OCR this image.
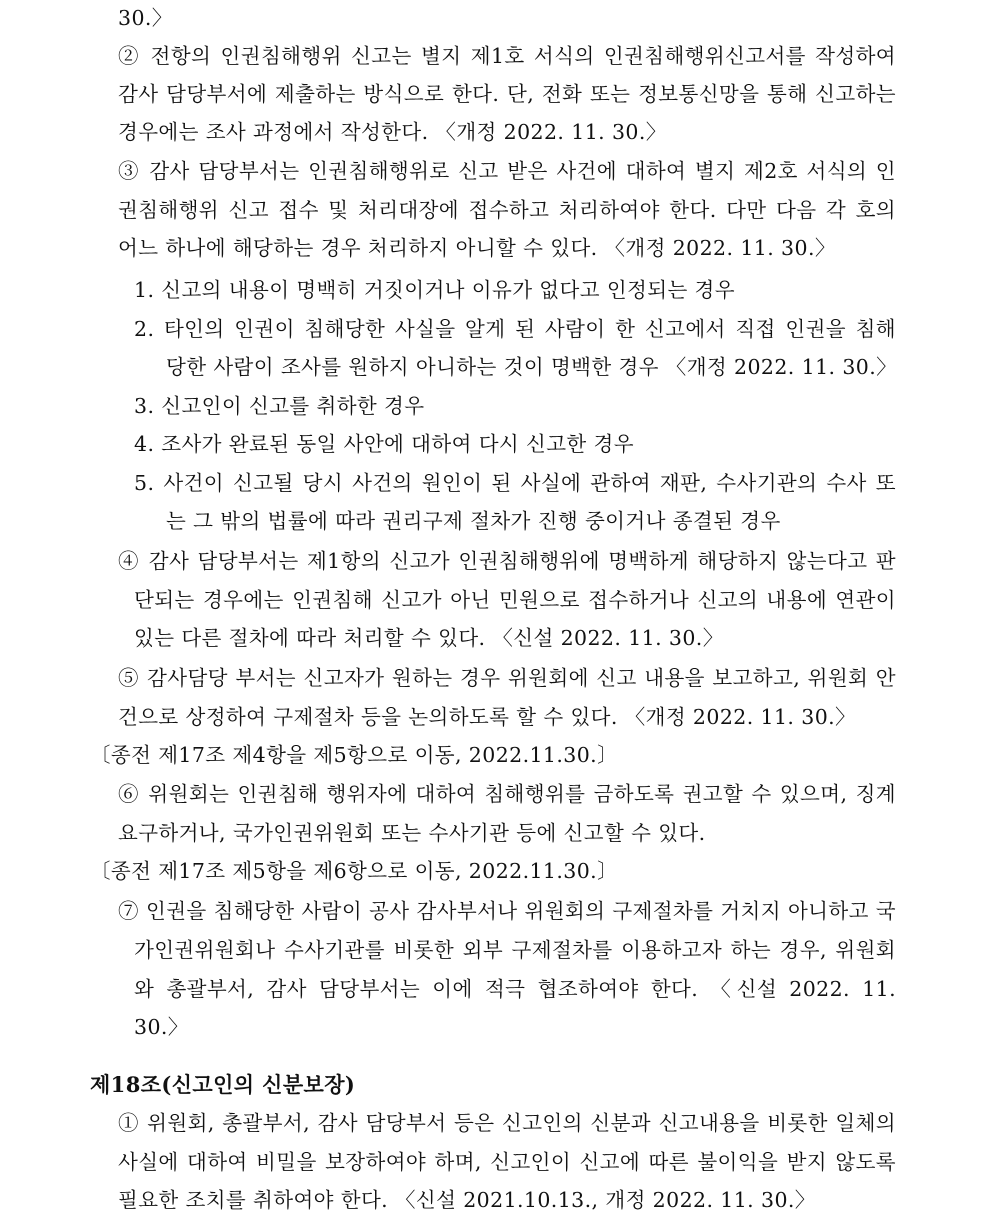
30.〉
② 전항의 인권침해행위 신고는 별지 제1호 서식의 인권침해행위신고서를 작성하여
감사 담당부서에 제출하는 방식으로 한다. 단, 전화 또는 정보통신망을 통해 신고하는
경우에는 조사 과정에서 작성한다. 〈개정 2022. 11. 30.〉
③ 감사 담당부서는 인권침해행위로 신고 받은 사건에 대하여 별지 제2호 서식의 인
권침해행위 신고 접수 및 처리대장에 접수하고 처리하여야 한다. 다만 다음 각 호의
어느 하나에 해당하는 경우 처리하지 아니할 수 있다. 〈개정 2022. 11. 30.〉
1. 신고의 내용이 명백히 거짓이거나 이유가 없다고 인정되는 경우
2. 타인의 인권이 침해당한 사실을 알게 된 사람이 한 신고에서 직접 인권을 침해
당한 사람이 조사를 원하지 아니하는 것이 명백한 경우 〈개정 2022. 11. 30.〉
3. 신고인이 신고를 취하한 경우
4. 조사가 완료된 동일 사안에 대하여 다시 신고한 경우
5. 사건이 신고될 당시 사건의 원인이 된 사실에 관하여 재판, 수사기관의 수사 또
는 그 밖의 법률에 따라 권리구제 절차가 진행 중이거나 종결된 경우
④ 감사 담당부서는 제1항의 신고가 인권침해행위에 명백하게 해당하지 않는다고 판
단되는 경우에는 인권침해 신고가 아닌 민원으로 접수하거나 신고의 내용에 연관이
있는 다른 절차에 따라 처리할 수 있다. 〈신설 2022. 11. 30.〉
⑤ 감사담당 부서는 신고자가 원하는 경우 위원회에 신고 내용을 보고하고, 위원회 안
건으로 상정하여 구제절차 등을 논의하도록 할 수 있다. 〈개정 2022. 11. 30.〉
〔종전 제17조 제4항을 제5항으로 이동, 2022.11.30.〕
⑥ 위원회는 인권침해 행위자에 대하여 침해행위를 금하도록 권고할 수 있으며, 징계
요구하거나, 국가인권위원회 또는 수사기관 등에 신고할 수 있다.
〔종전 제17조 제5항을 제6항으로 이동, 2022.11.30.〕
⑦ 인권을 침해당한 사람이 공사 감사부서나 위원회의 구제절차를 거치지 아니하고 국
가인권위원회나 수사기관를 비롯한 외부 구제절차를 이용하고자 하는 경우, 위원회
와 총괄부서, 감사 담당부서는 이에 적극 협조하여야 한다. 〈신설 2022. 11.
30.〉
제18조(신고인의 신분보장)
① 위원회, 총괄부서, 감사 담당부서 등은 신고인의 신분과 신고내용을 비롯한 일체의
사실에 대하여 비밀을 보장하여야 하며, 신고인이 신고에 따른 불이익을 받지 않도록
필요한 조치를 취하여야 한다. 〈신설 2021.10.13., 개정 2022. 11. 30.〉
